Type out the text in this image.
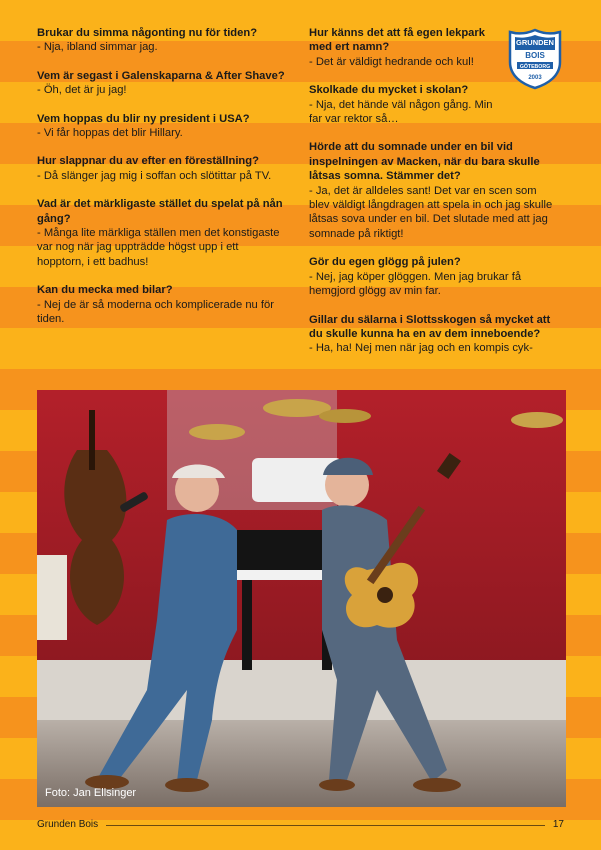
Brukar du simma någonting nu för tiden?
- Nja, ibland simmar jag.
Vem är segast i Galenskaparna & After Shave?
- Öh, det är ju jag!
Vem hoppas du blir ny president i USA?
- Vi får hoppas det blir Hillary.
Hur slappnar du av efter en föreställning?
- Då slänger jag mig i soffan och slötittar på TV.
Vad är det märkligaste stället du spelat på nån gång?
- Många lite märkliga ställen men det konstigaste var nog när jag uppträdde högst upp i ett hopptorn, i ett badhus!
Kan du mecka med bilar?
- Nej de är så moderna och komplicerade nu för tiden.
Hur känns det att få egen lekpark med ert namn?
- Det är väldigt hedrande och kul!
Skolkade du mycket i skolan?
- Nja, det hände väl någon gång. Min far var rektor så…
Hörde att du somnade under en bil vid inspelningen av Macken, när du bara skulle låtsas somna. Stämmer det?
- Ja, det är alldeles sant! Det var en scen som blev väldigt långdragen att spela in och jag skulle låtsas sova under en bil. Det slutade med att jag somnade på riktigt!
Gör du egen glögg på julen?
- Nej, jag köper glöggen. Men jag brukar få hemgjord glögg av min far.
Gillar du sälarna i Slottsskogen så mycket att du skulle kunna ha en av dem inneboende?
- Ha, ha! Nej men när jag och en kompis cyk-
GRUNDEN
BOIS
GÖTEBORG
2003
Foto: Jan Ellsinger
Grunden Bois	17
